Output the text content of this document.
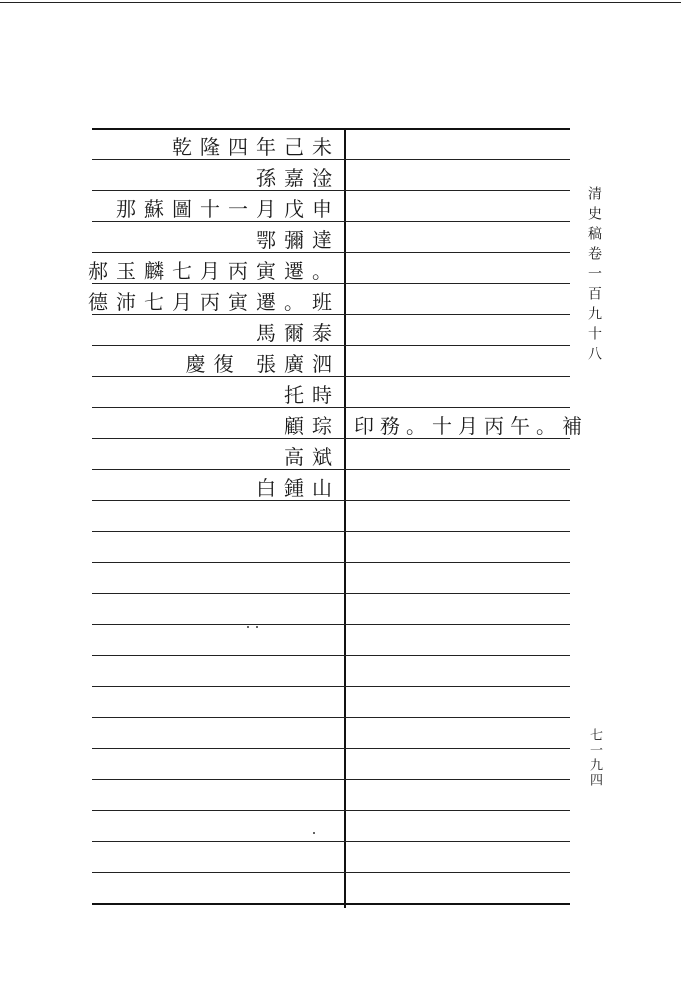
乾隆四年己未
孫嘉淦
那蘇圖十一月戊申
鄂彌達
郝玉麟七月丙寅遷。
德沛七月丙寅遷。班
馬爾泰
慶復 張廣泗
托時
顧琮 印務。十月丙午。補
高斌
白鍾山
清史稿卷一百九十八
七一九四
